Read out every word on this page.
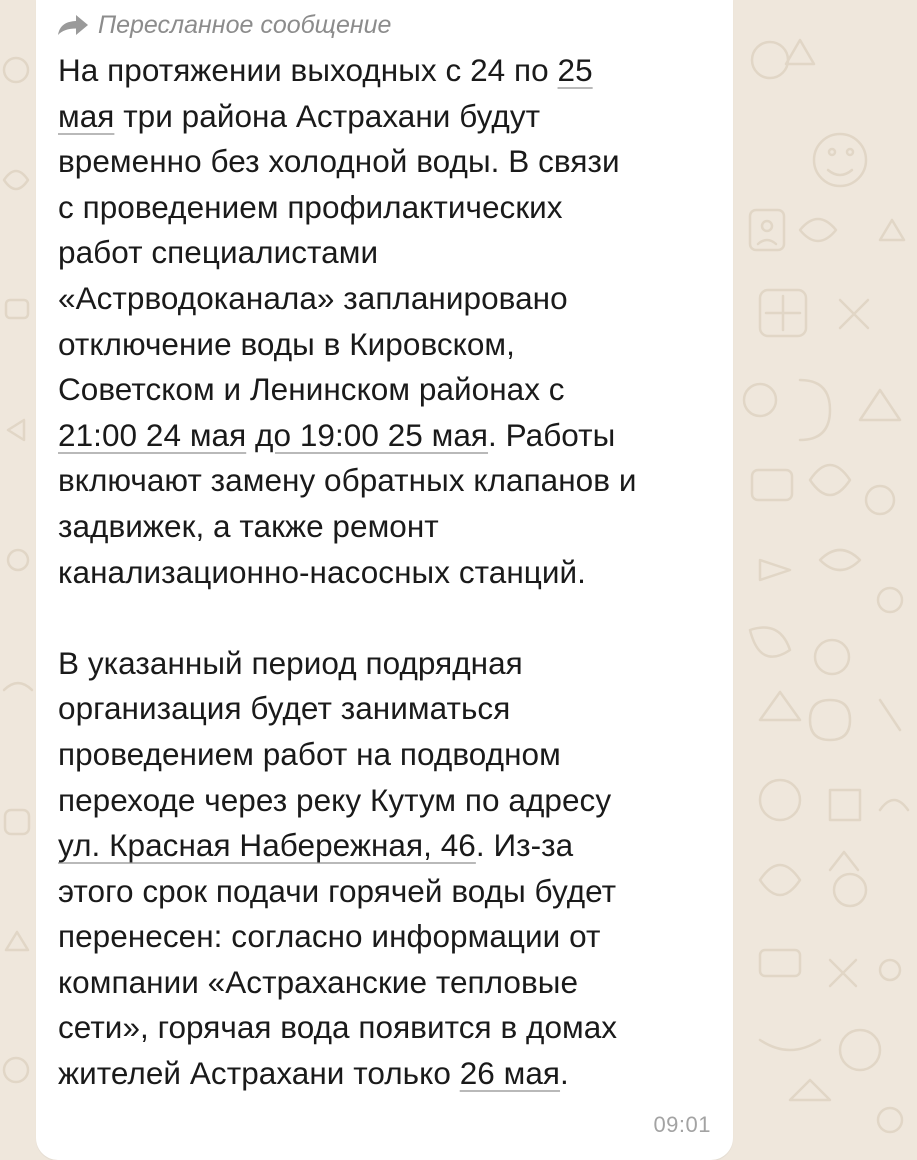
Пересланное сообщение
На протяжении выходных с 24 по 25
мая три района Астрахани будут
временно без холодной воды. В связи
с проведением профилактических
работ специалистами
«Астрводоканала» запланировано
отключение воды в Кировском,
Советском и Ленинском районах с
21:00 24 мая до 19:00 25 мая. Работы
включают замену обратных клапанов и
задвижек, а также ремонт
канализационно-насосных станций.
В указанный период подрядная
организация будет заниматься
проведением работ на подводном
переходе через реку Кутум по адресу
ул. Красная Набережная, 46. Из-за
этого срок подачи горячей воды будет
перенесен: согласно информации от
компании «Астраханские тепловые
сети», горячая вода появится в домах
жителей Астрахани только 26 мая.
09:01
